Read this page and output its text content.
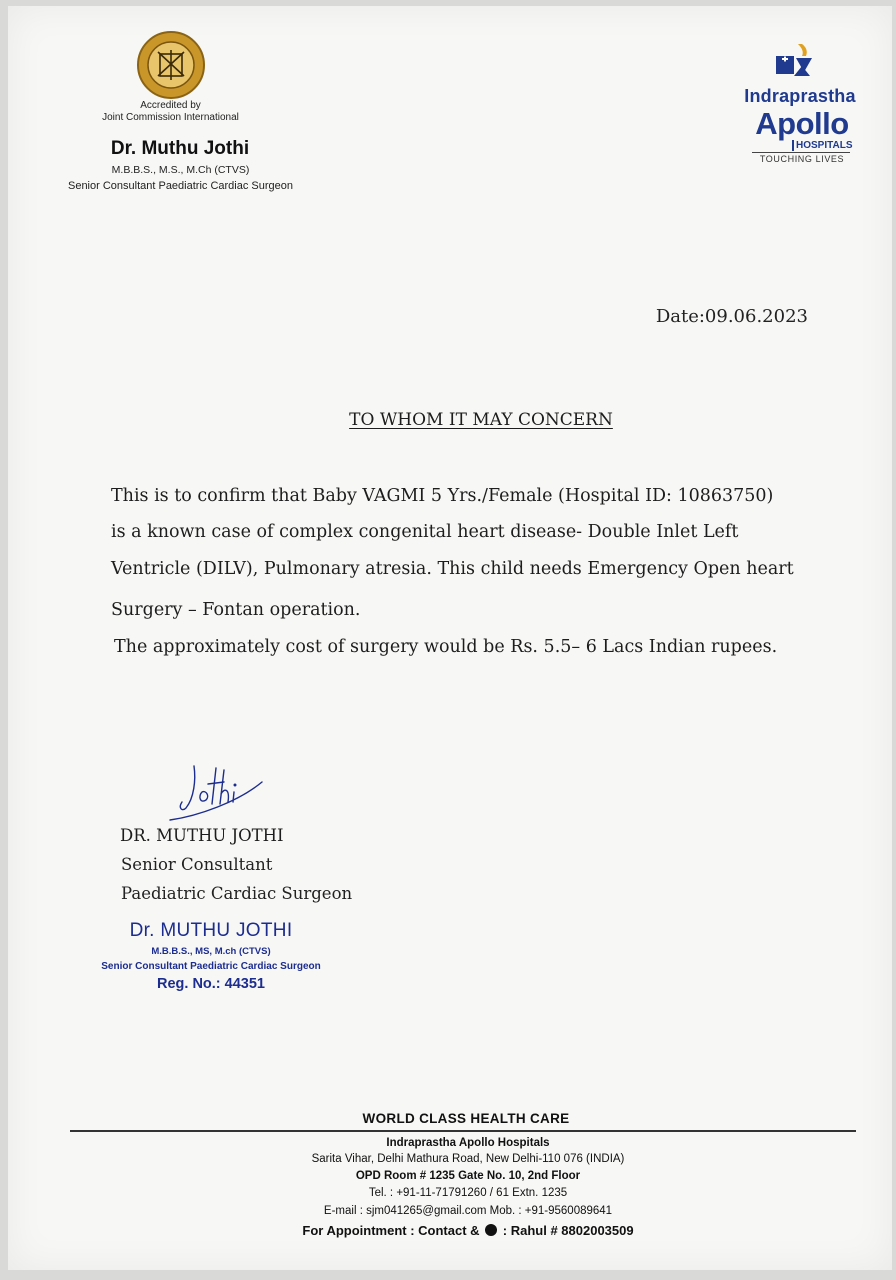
Accredited by
Joint Commission International
Dr. Muthu Jothi
M.B.B.S., M.S., M.Ch (CTVS)
Senior Consultant Paediatric Cardiac Surgeon
Indraprastha
Apollo
HOSPITALS
TOUCHING LIVES
Date:09.06.2023
TO WHOM IT MAY CONCERN
This is to confirm that Baby VAGMI 5 Yrs./Female (Hospital ID: 10863750)
is a known case of complex congenital heart disease- Double Inlet Left
Ventricle (DILV), Pulmonary atresia. This child needs Emergency Open heart
Surgery – Fontan operation.
The approximately cost of surgery would be Rs. 5.5– 6 Lacs Indian rupees.
DR. MUTHU JOTHI
Senior Consultant
Paediatric Cardiac Surgeon
Dr. MUTHU JOTHI
M.B.B.S., MS, M.ch (CTVS)
Senior Consultant Paediatric Cardiac Surgeon
Reg. No.: 44351
WORLD CLASS HEALTH CARE
Indraprastha Apollo Hospitals
Sarita Vihar, Delhi Mathura Road, New Delhi-110 076 (INDIA)
OPD Room # 1235 Gate No. 10, 2nd Floor
Tel. : +91-11-71791260 / 61 Extn. 1235
E-mail : sjm041265@gmail.com Mob. : +91-9560089641
For Appointment : Contact & : Rahul # 8802003509
